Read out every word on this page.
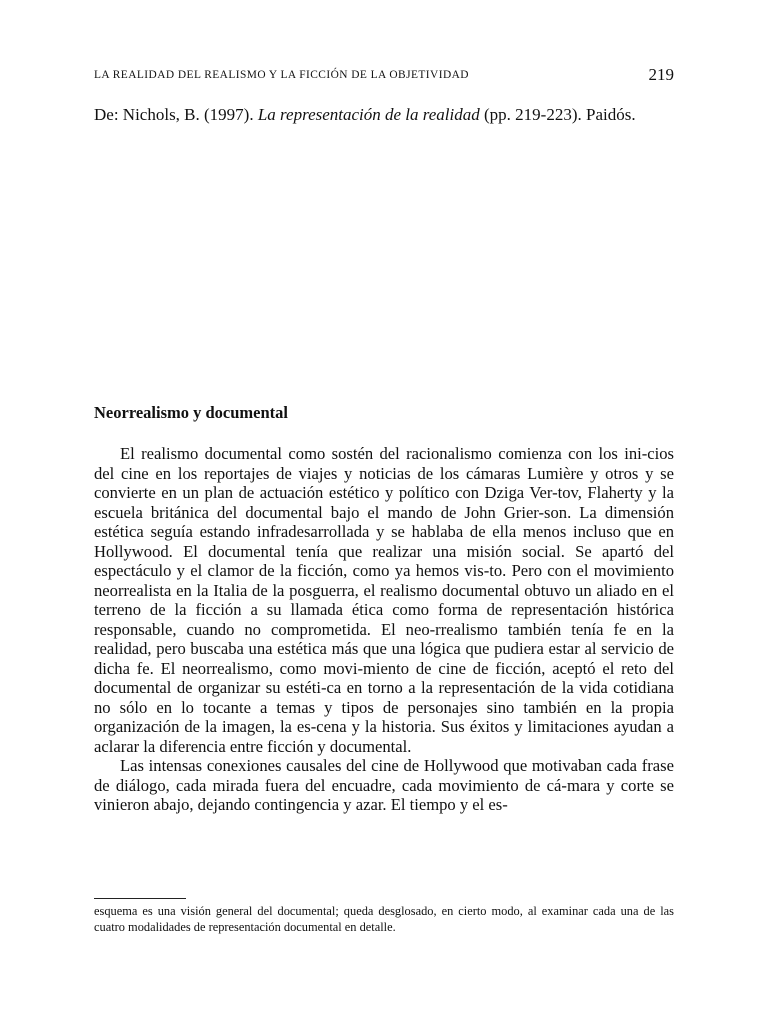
LA REALIDAD DEL REALISMO Y LA FICCIÓN DE LA OBJETIVIDAD	219
De: Nichols, B. (1997). La representación de la realidad (pp. 219-223). Paidós.
Neorrealismo y documental

El realismo documental como sostén del racionalismo comienza con los ini-cios del cine en los reportajes de viajes y noticias de los cámaras Lumière y otros y se convierte en un plan de actuación estético y político con Dziga Ver-tov, Flaherty y la escuela británica del documental bajo el mando de John Grier-son. La dimensión estética seguía estando infradesarrollada y se hablaba de ella menos incluso que en Hollywood. El documental tenía que realizar una misión social. Se apartó del espectáculo y el clamor de la ficción, como ya hemos vis-to. Pero con el movimiento neorrealista en la Italia de la posguerra, el realismo documental obtuvo un aliado en el terreno de la ficción a su llamada ética como forma de representación histórica responsable, cuando no comprometida. El neo-rrealismo también tenía fe en la realidad, pero buscaba una estética más que una lógica que pudiera estar al servicio de dicha fe. El neorrealismo, como movi-miento de cine de ficción, aceptó el reto del documental de organizar su estéti-ca en torno a la representación de la vida cotidiana no sólo en lo tocante a temas y tipos de personajes sino también en la propia organización de la imagen, la es-cena y la historia. Sus éxitos y limitaciones ayudan a aclarar la diferencia entre ficción y documental.

Las intensas conexiones causales del cine de Hollywood que motivaban cada frase de diálogo, cada mirada fuera del encuadre, cada movimiento de cá-mara y corte se vinieron abajo, dejando contingencia y azar. El tiempo y el es-

esquema es una visión general del documental; queda desglosado, en cierto modo, al examinar cada una de las cuatro modalidades de representación documental en detalle.
